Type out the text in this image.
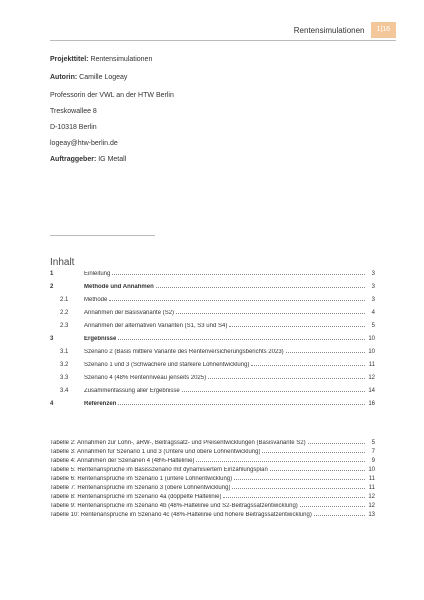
Rentensimulationen	1|16
Projekttitel: Rentensimulationen
Autorin: Camille Logeay
Professorin der VWL an der HTW Berlin
Treskowallee 8
D-10318 Berlin
logeay@htw-berlin.de
Auftraggeber: IG Metall
Inhalt
1	Einleitung	3
2	Methode und Annahmen	3
2.1	Methode	3
2.2	Annahmen der Basisvariante (S2)	4
2.3	Annahmen der alternativen Varianten (S1, S3 und S4)	5
3	Ergebnisse	10
3.1	Szenario 2 (Basis mittlere Variante des Rentenversicherungsberichts 2023)	10
3.2	Szenario 1 und 3 (Schwächere und stärkere Lohnentwicklung)	11
3.3	Szenario 4 (48% Rentenniveau jenseits 2025)	12
3.4	Zusammenfassung aller Ergebnisse	14
4	Referenzen	16
Tabelle 2: Annahmen zur Lohn-, aRW-, Beitragssatz- und Preisentwicklungen (Basisvariante S2)	5
Tabelle 3: Annahmen für Szenario 1 und 3 (Untere und obere Lohnentwicklung)	7
Tabelle 4: Annahmen der Szenarien 4 (48%-Haltelinie)	9
Tabelle 5: Rentenansprüche im Basisszenario mit dynamisiertem Einzahlungsplan	10
Tabelle 6: Rentenansprüche im Szenario 1 (untere Lohnentwicklung)	11
Tabelle 7: Rentenansprüche im Szenario 3 (obere Lohnentwicklung)	11
Tabelle 8: Rentenansprüche im Szenario 4a (doppelte Haltelinie)	12
Tabelle 9: Rentenansprüche im Szenario 4b (48%-Haltelinie und S2-Beitragssatzentwicklung)	12
Tabelle 10: Rentenansprüche im Szenario 4c (48%-Haltelinie und höhere Beitragssatzentwicklung)	13
